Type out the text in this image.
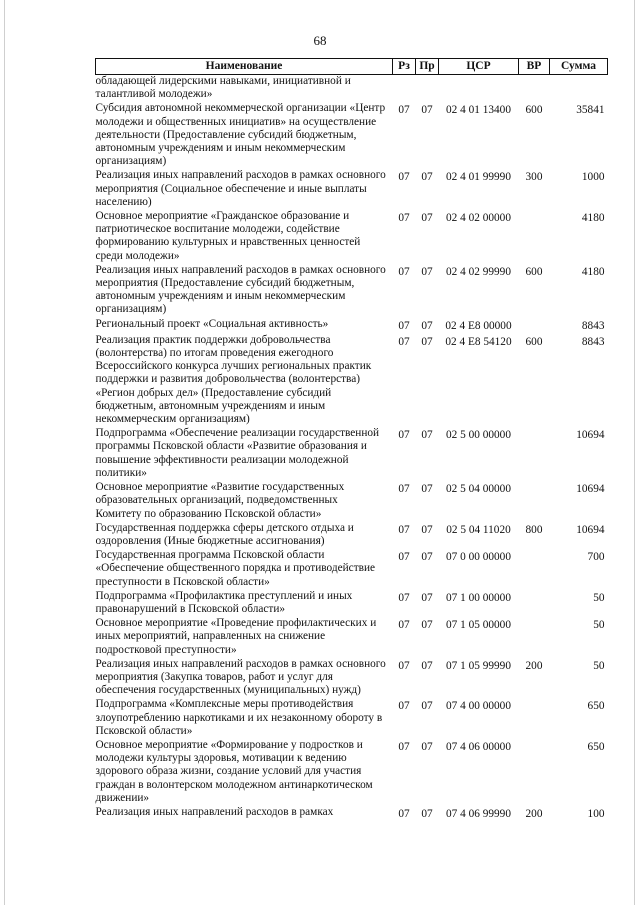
68
Наименование	Рз	Пр	ЦСР	ВР	Сумма
обладающей лидерскими навыками, инициативной и талантливой молодежи»					
Субсидия автономной некоммерческой организации «Центр молодежи и общественных инициатив» на осуществление деятельности (Предоставление субсидий бюджетным, автономным учреждениям и иным некоммерческим организациям)	07	07	02 4 01 13400	600	35841
Реализация иных направлений расходов в рамках основного мероприятия (Социальное обеспечение и иные выплаты населению)	07	07	02 4 01 99990	300	1000
Основное мероприятие «Гражданское образование и патриотическое воспитание молодежи, содействие формированию культурных и нравственных ценностей среди молодежи»	07	07	02 4 02 00000		4180
Реализация иных направлений расходов в рамках основного мероприятия (Предоставление субсидий бюджетным, автономным учреждениям и иным некоммерческим организациям)	07	07	02 4 02 99990	600	4180
Региональный проект «Социальная активность»	07	07	02 4 E8 00000		8843
Реализация практик поддержки добровольчества (волонтерства) по итогам проведения ежегодного Всероссийского конкурса лучших региональных практик поддержки и развития добровольчества (волонтерства) «Регион добрых дел» (Предоставление субсидий бюджетным, автономным учреждениям и иным некоммерческим организациям)	07	07	02 4 E8 54120	600	8843
Подпрограмма «Обеспечение реализации государственной программы Псковской области «Развитие образования и повышение эффективности реализации молодежной политики»	07	07	02 5 00 00000		10694
Основное мероприятие «Развитие государственных образовательных организаций, подведомственных Комитету по образованию Псковской области»	07	07	02 5 04 00000		10694
Государственная поддержка сферы детского отдыха и оздоровления (Иные бюджетные ассигнования)	07	07	02 5 04 11020	800	10694
Государственная программа Псковской области «Обеспечение общественного порядка и противодействие преступности в Псковской области»	07	07	07 0 00 00000		700
Подпрограмма «Профилактика преступлений и иных правонарушений в Псковской области»	07	07	07 1 00 00000		50
Основное мероприятие «Проведение профилактических и иных мероприятий, направленных на снижение подростковой преступности»	07	07	07 1 05 00000		50
Реализация иных направлений расходов в рамках основного мероприятия (Закупка товаров, работ и услуг для обеспечения государственных (муниципальных) нужд)	07	07	07 1 05 99990	200	50
Подпрограмма «Комплексные меры противодействия злоупотреблению наркотиками и их незаконному обороту в Псковской области»	07	07	07 4 00 00000		650
Основное мероприятие «Формирование у подростков и молодежи культуры здоровья, мотивации к ведению здорового образа жизни, создание условий для участия граждан в волонтерском молодежном антинаркотическом движении»	07	07	07 4 06 00000		650
Реализация иных направлений расходов в рамках	07	07	07 4 06 99990	200	100
